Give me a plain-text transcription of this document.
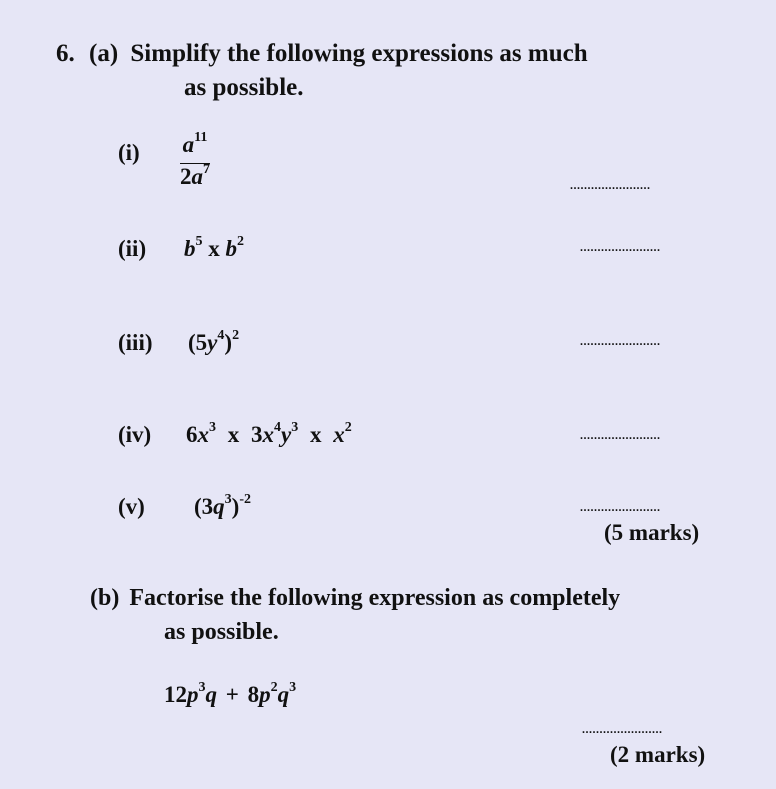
6. (a) Simplify the following expressions as much
as possible.
$(i) \frac{a^{11}}{2a^7}$	.......................
(ii) $b^5$ x $b^2$	.......................
(iii) $(5y^4)^2$	.......................
(iv) $6x^3$ x $3x^4y^3$ x $x^2$	.......................
(v) $(3q^3)^{-2}$	.......................
(5 marks)
(b) Factorise the following expression as completely
as possible.
$12p^3q + 8p^2q^3$
.......................
(2 marks)
